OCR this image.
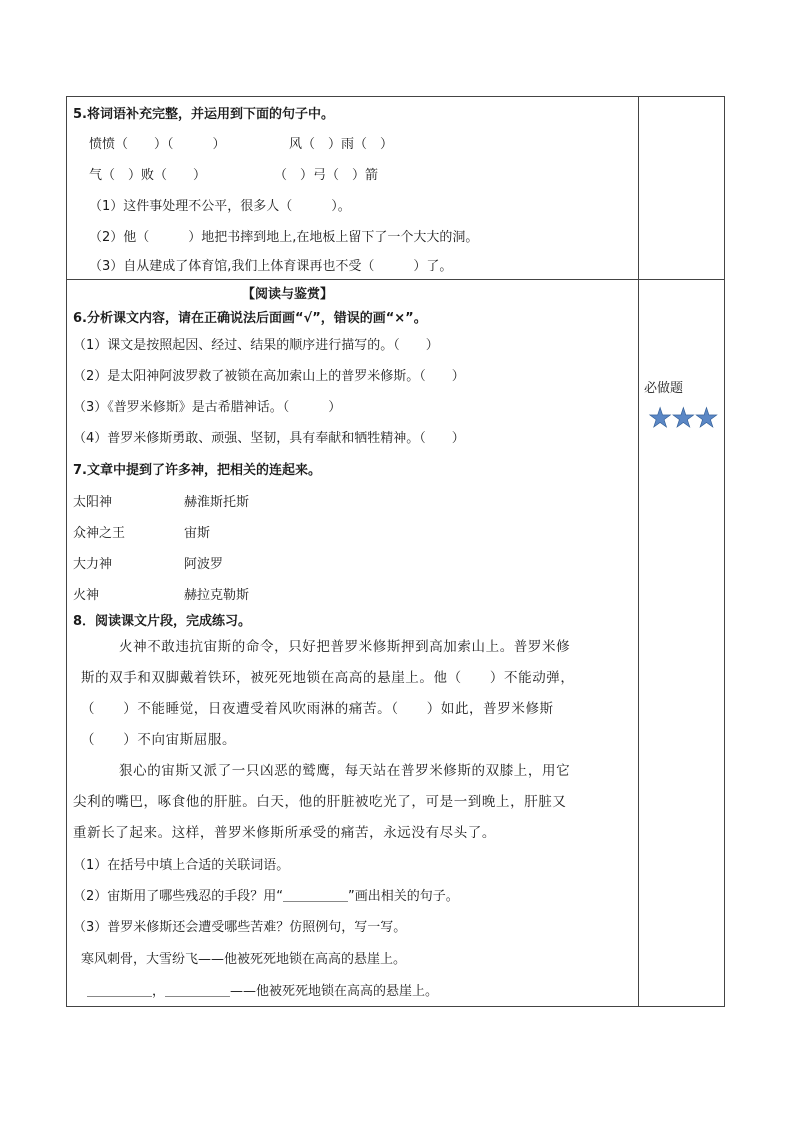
5.将词语补充完整，并运用到下面的句子中。
愤愤（　　）（　　　）	风（　）雨（　）
气（　）败（　　）	（　）弓（　）箭
（1）这件事处理不公平，很多人（　　　）。
（2）他（　　　）地把书摔到地上,在地板上留下了一个大大的洞。
（3）自从建成了体育馆,我们上体育课再也不受（　　　）了。
【阅读与鉴赏】
6.分析课文内容，请在正确说法后面画“√”，错误的画“×”。
（1）课文是按照起因、经过、结果的顺序进行描写的。（　　）
（2）是太阳神阿波罗救了被锁在高加索山上的普罗米修斯。（　　）
（3）《普罗米修斯》是古希腊神话。（　　　）
（4）普罗米修斯勇敢、顽强、坚韧，具有奉献和牺牲精神。（　　）
7.文章中提到了许多神，把相关的连起来。
太阳神	赫淮斯托斯
众神之王	宙斯
大力神	阿波罗
火神	赫拉克勒斯
8．阅读课文片段，完成练习。
火神不敢违抗宙斯的命令，只好把普罗米修斯押到高加索山上。普罗米修
斯的双手和双脚戴着铁环，被死死地锁在高高的悬崖上。他（　　）不能动弹，
（　　）不能睡觉，日夜遭受着风吹雨淋的痛苦。（　　）如此，普罗米修斯
（　　）不向宙斯屈服。
狠心的宙斯又派了一只凶恶的鹫鹰，每天站在普罗米修斯的双膝上，用它
尖利的嘴巴，啄食他的肝脏。白天，他的肝脏被吃光了，可是一到晚上，肝脏又
重新长了起来。这样，普罗米修斯所承受的痛苦，永远没有尽头了。
（1）在括号中填上合适的关联词语。
（2）宙斯用了哪些残忍的手段？用“＿＿＿＿＿”画出相关的句子。
（3）普罗米修斯还会遭受哪些苦难？仿照例句，写一写。
寒风刺骨，大雪纷飞——他被死死地锁在高高的悬崖上。
＿＿＿＿＿，＿＿＿＿＿——他被死死地锁在高高的悬崖上。
必做题
★★★
